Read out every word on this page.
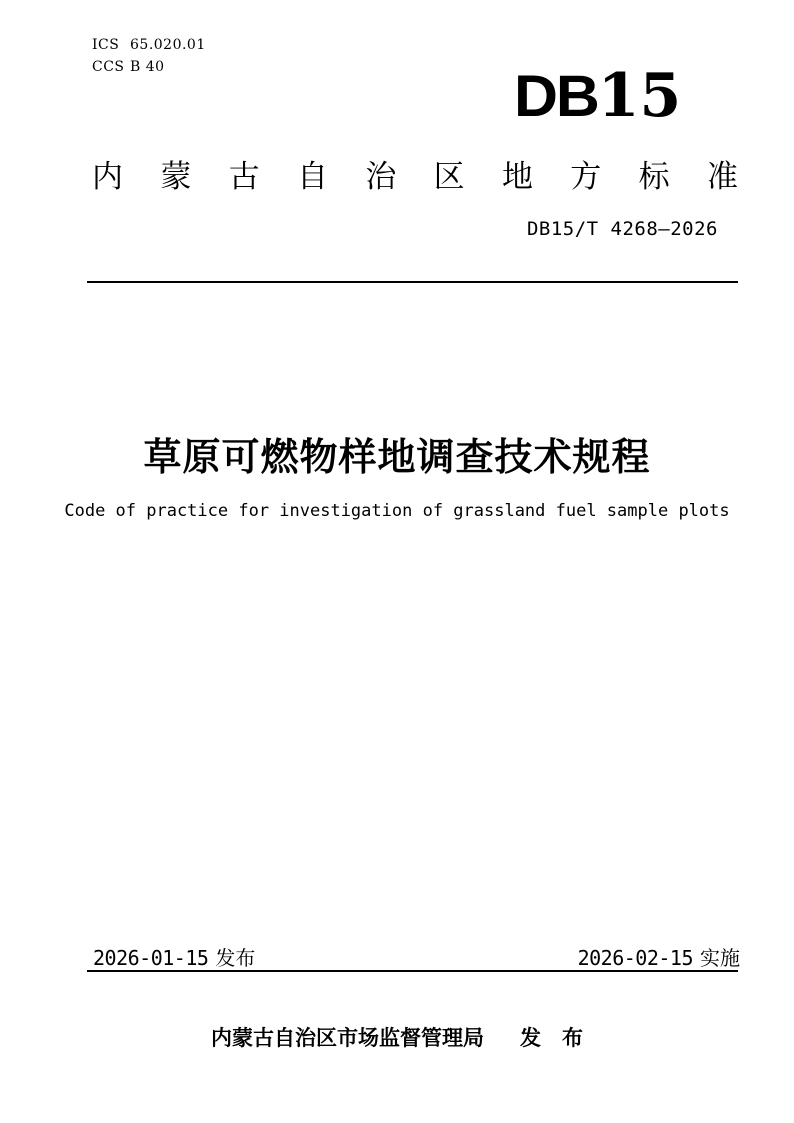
ICS 65.020.01
CCS B 40	DB15
内 蒙 古 自 治 区 地 方 标 准
DB15/T 4268—2026
草原可燃物样地调查技术规程
Code of practice for investigation of grassland fuel sample plots
2026-01-15 发布	2026-02-15 实施
内蒙古自治区市场监督管理局 发　布
